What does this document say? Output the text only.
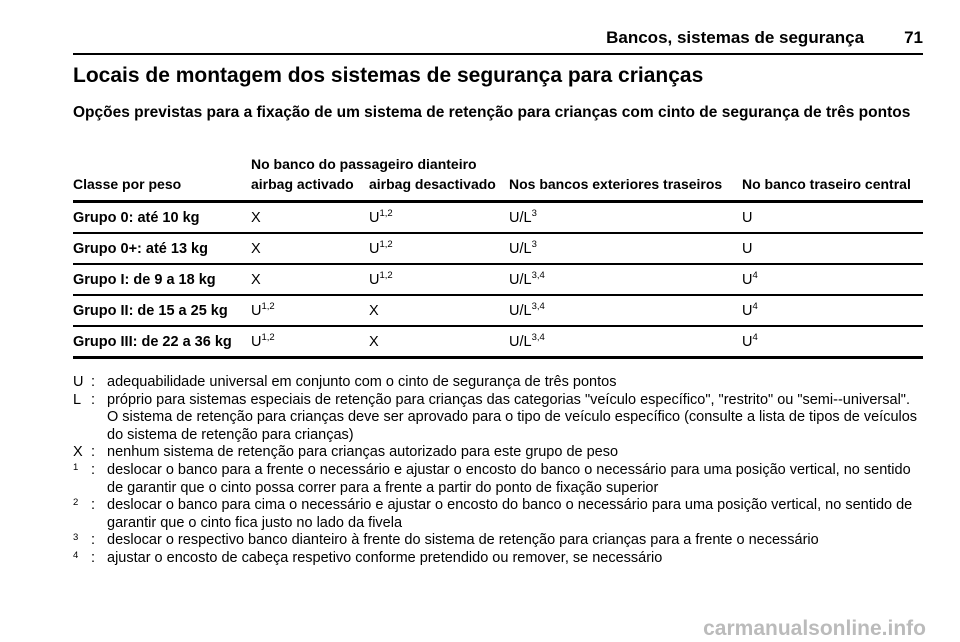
Bancos, sistemas de segurança 71
Locais de montagem dos sistemas de segurança para crianças
Opções previstas para a fixação de um sistema de retenção para crianças com cinto de segurança de três pontos
	No banco do passageiro dianteiro			
Classe por peso	airbag activado	airbag desactivado	Nos bancos exteriores traseiros	No banco traseiro central
Grupo 0: até 10 kg	X	U$^{1,2}$	$U/L^3$	U
Grupo 0+: até 13 kg	X	U$^{1,2}$	$U/L^3$	U
Grupo I: de 9 a 18 kg	X	U$^{1,2}$	$U/L^{3,4}$	$U^4$
Grupo II: de 15 a 25 kg	U$^{1,2}$	X	$U/L^{3,4}$	$U^4$
Grupo III: de 22 a 36 kg	U$^{1,2}$	X	$U/L^{3,4}$	$U^4$
U : adequabilidade universal em conjunto com o cinto de segurança de três pontos
L : próprio para sistemas especiais de retenção para crianças das categorias "veículo específico", "restrito" ou "semi--universal". O sistema de retenção para crianças deve ser aprovado para o tipo de veículo específico (consulte a lista de tipos de veículos do sistema de retenção para crianças)
X : nenhum sistema de retenção para crianças autorizado para este grupo de peso
1 : deslocar o banco para a frente o necessário e ajustar o encosto do banco o necessário para uma posição vertical, no sentido de garantir que o cinto possa correr para a frente a partir do ponto de fixação superior
2 : deslocar o banco para cima o necessário e ajustar o encosto do banco o necessário para uma posição vertical, no sentido de garantir que o cinto fica justo no lado da fivela
3 : deslocar o respectivo banco dianteiro à frente do sistema de retenção para crianças para a frente o necessário
4 : ajustar o encosto de cabeça respetivo conforme pretendido ou remover, se necessário
carmanualsonline.info
